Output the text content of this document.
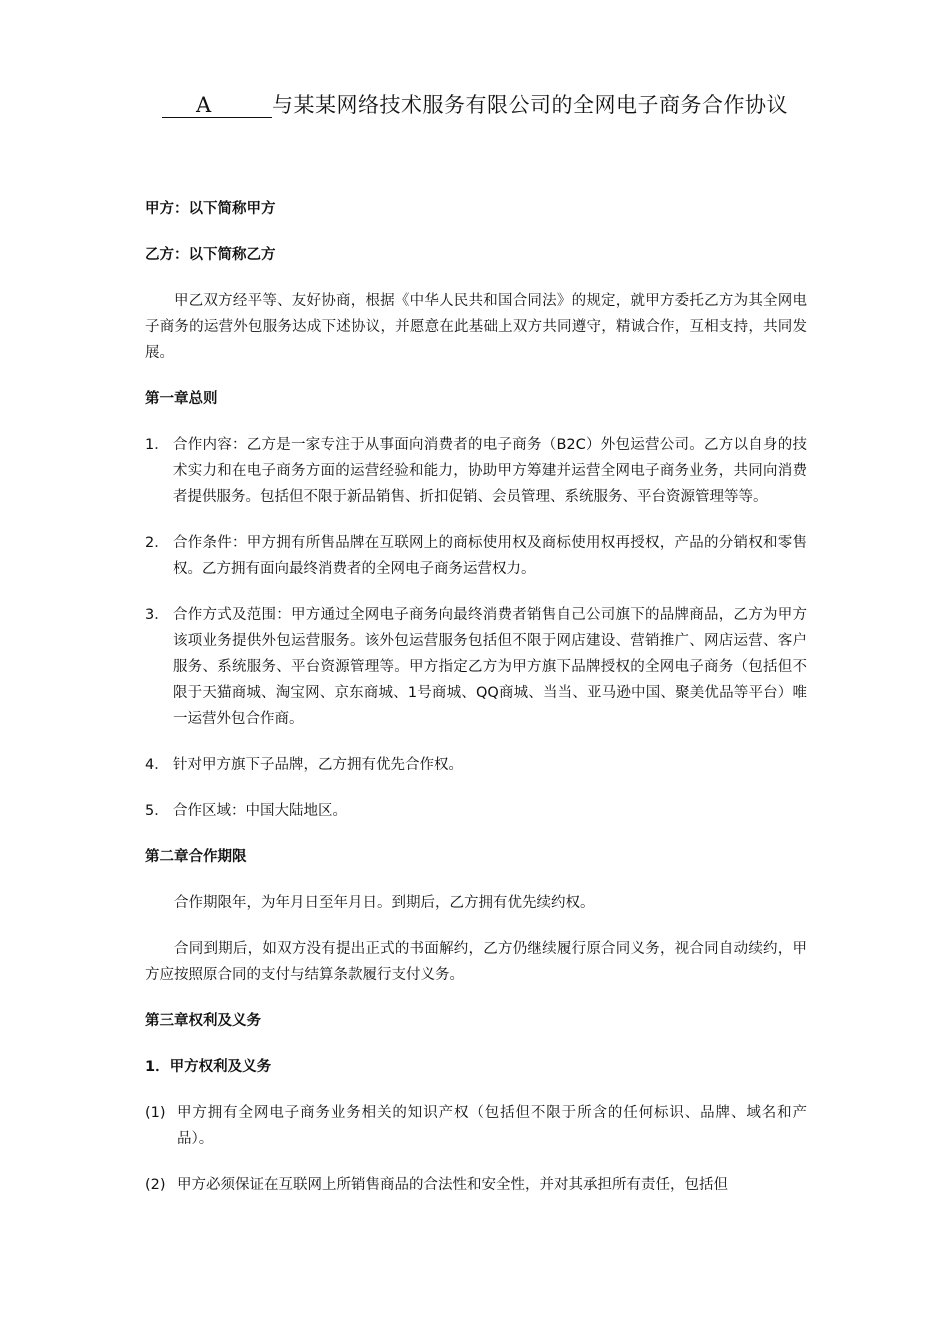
A	与某某网络技术服务有限公司的全网电子商务合作协议

甲方：以下简称甲方

乙方：以下简称乙方

甲乙双方经平等、友好协商，根据《中华人民共和国合同法》的规定，就甲方委托乙方为其全网电子商务的运营外包服务达成下述协议，并愿意在此基础上双方共同遵守，精诚合作，互相支持，共同发展。

第一章总则

1． 合作内容：乙方是一家专注于从事面向消费者的电子商务（B2C）外包运营公司。乙方以自身的技术实力和在电子商务方面的运营经验和能力，协助甲方筹建并运营全网电子商务业务，共同向消费者提供服务。包括但不限于新品销售、折扣促销、会员管理、系统服务、平台资源管理等等。
2． 合作条件：甲方拥有所售品牌在互联网上的商标使用权及商标使用权再授权，产品的分销权和零售权。乙方拥有面向最终消费者的全网电子商务运营权力。
3． 合作方式及范围：甲方通过全网电子商务向最终消费者销售自己公司旗下的品牌商品，乙方为甲方该项业务提供外包运营服务。该外包运营服务包括但不限于网店建设、营销推广、网店运营、客户服务、系统服务、平台资源管理等。甲方指定乙方为甲方旗下品牌授权的全网电子商务（包括但不限于天猫商城、淘宝网、京东商城、1号商城、QQ商城、当当、亚马逊中国、聚美优品等平台）唯一运营外包合作商。
4． 针对甲方旗下子品牌，乙方拥有优先合作权。
5． 合作区域：中国大陆地区。

第二章合作期限

合作期限年，为年月日至年月日。到期后，乙方拥有优先续约权。

合同到期后，如双方没有提出正式的书面解约，乙方仍继续履行原合同义务，视合同自动续约，甲方应按照原合同的支付与结算条款履行支付义务。

第三章权利及义务

1．甲方权利及义务

(1) 甲方拥有全网电子商务业务相关的知识产权（包括但不限于所含的任何标识、品牌、域名和产品）。
(2) 甲方必须保证在互联网上所销售商品的合法性和安全性，并对其承担所有责任，包括但
